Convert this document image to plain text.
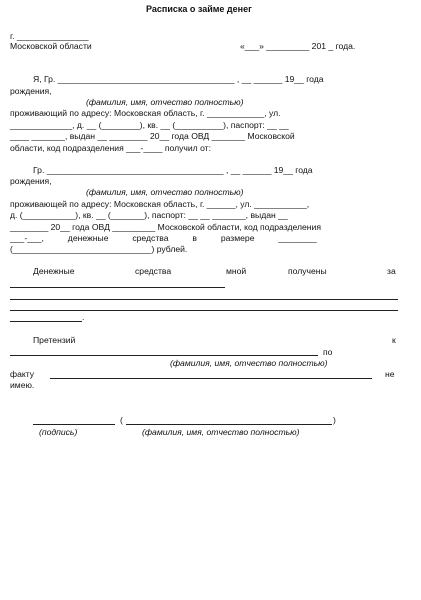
Расписка о займе денег
г. _______________
Московской области	«___» _________ 201 _ года.
Я, Гр. _____________________________________ , __ ______ 19__ года
рождения,
(фамилия, имя, отчество полностью)
проживающий по адресу: Московская область, г. ____________, ул.
_____________, д. __ (________), кв. __ (__________), паспорт: __ __
____ _______, выдан __ ________ 20__ года ОВД _______ Московской
области, код подразделения ___-____ получил от:
Гр. _____________________________________ , __ ______ 19__ года
рождения,
(фамилия, имя, отчество полностью)
проживающей по адресу: Московская область, г. ______, ул. ___________,
д. (___________), кв. __ (_______), паспорт: __ __ _______, выдан __
________ 20__ года ОВД _________ Московской области, код подразделения
___-___,          денежные          средства          в          размере          ________
(_____________________________) рублей.
Денежные	средства	мной	получены	за
.
Претензий	к
по
(фамилия, имя, отчество полностью)
факту	не
имею.
(	)
(подпись)	(фамилия, имя, отчество полностью)
